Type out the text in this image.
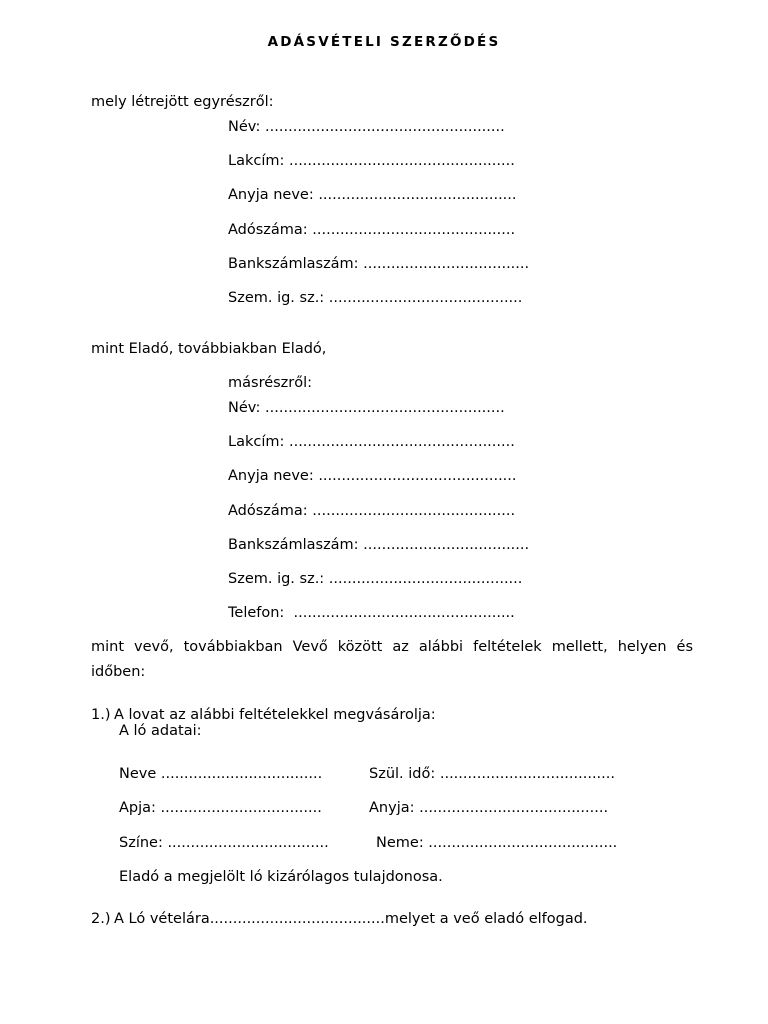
ADÁSVÉTELI SZERZŐDÉS
mely létrejött egyrészről:
Név: ....................................................
Lakcím: .................................................
Anyja neve: ...........................................
Adószáma: ............................................
Bankszámlaszám: ....................................
Szem. ig. sz.: ..........................................
mint Eladó, továbbiakban Eladó,
másrészről:
Név: ....................................................
Lakcím: .................................................
Anyja neve: ...........................................
Adószáma: ............................................
Bankszámlaszám: ....................................
Szem. ig. sz.: ..........................................
Telefon:  ................................................
mint vevő, továbbiakban Vevő között az alábbi feltételek mellett, helyen és
időben:
1.) A lovat az alábbi feltételekkel megvásárolja:
A ló adatai:
Neve ...................................	Szül. idő: ......................................
Apja: ...................................	Anyja: .........................................
Színe: ...................................	Neme: .........................................
Eladó a megjelölt ló kizárólagos tulajdonosa.
2.) A Ló vételára......................................melyet a veő eladó elfogad.
